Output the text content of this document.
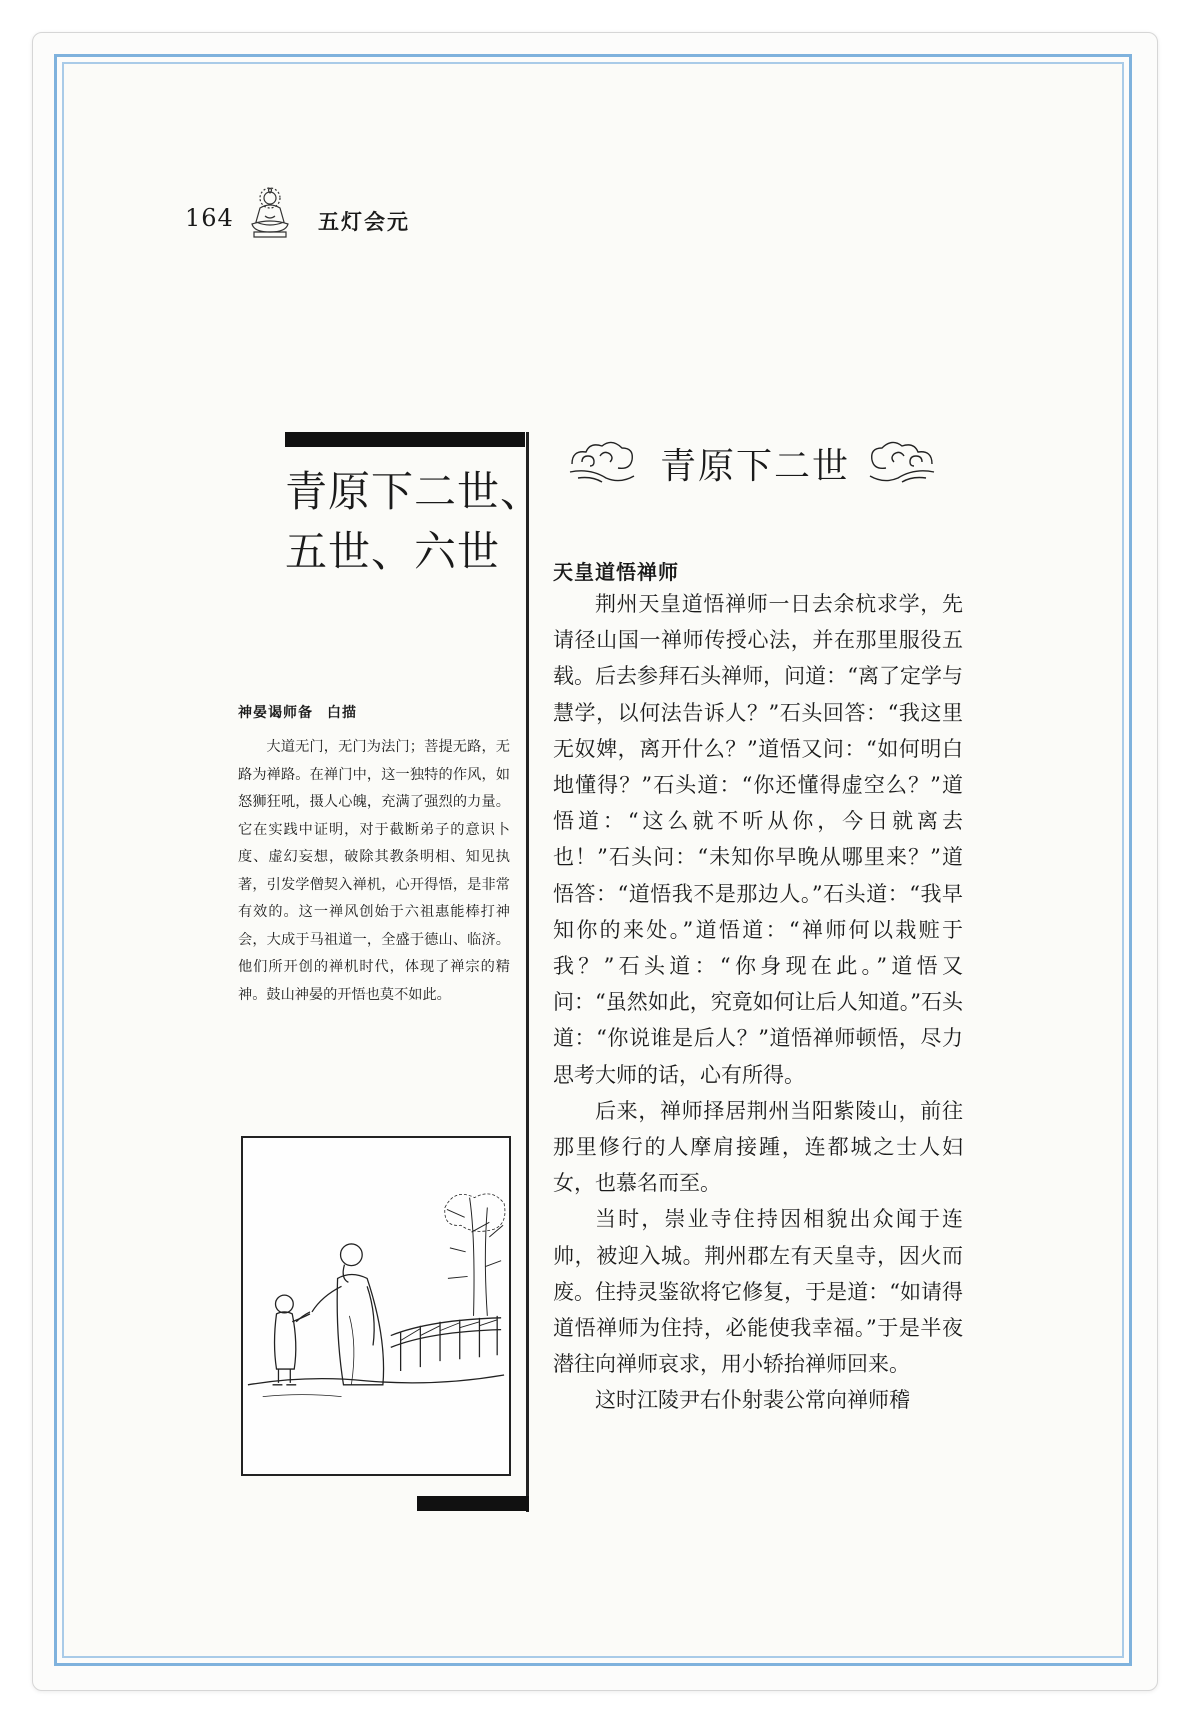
164	五灯会元
青原下二世、
五世、六世
神晏谒师备 白描
大道无门，无门为法门；菩提无路，无路为禅路。在禅门中，这一独特的作风，如怒狮狂吼，摄人心魄，充满了强烈的力量。它在实践中证明，对于截断弟子的意识卜度、虚幻妄想，破除其教条明相、知见执著，引发学僧契入禅机，心开得悟，是非常有效的。这一禅风创始于六祖惠能棒打神会，大成于马祖道一，全盛于德山、临济。他们所开创的禅机时代，体现了禅宗的精神。鼓山神晏的开悟也莫不如此。
青原下二世
天皇道悟禅师

荆州天皇道悟禅师一日去余杭求学，先请径山国一禅师传授心法，并在那里服役五载。后去参拜石头禅师，问道：“离了定学与慧学，以何法告诉人？”石头回答：“我这里无奴婢，离开什么？”道悟又问：“如何明白地懂得？”石头道：“你还懂得虚空么？”道悟道：“这么就不听从你，今日就离去也！”石头问：“未知你早晚从哪里来？”道悟答：“道悟我不是那边人。”石头道：“我早知你的来处。”道悟道：“禅师何以栽赃于我？”石头道：“你身现在此。”道悟又问：“虽然如此，究竟如何让后人知道。”石头道：“你说谁是后人？”道悟禅师顿悟，尽力思考大师的话，心有所得。

后来，禅师择居荆州当阳紫陵山，前往那里修行的人摩肩接踵，连都城之士人妇女，也慕名而至。

当时，崇业寺住持因相貌出众闻于连帅，被迎入城。荆州郡左有天皇寺，因火而废。住持灵鉴欲将它修复，于是道：“如请得道悟禅师为住持，必能使我幸福。”于是半夜潜往向禅师哀求，用小轿抬禅师回来。

这时江陵尹右仆射裴公常向禅师稽
